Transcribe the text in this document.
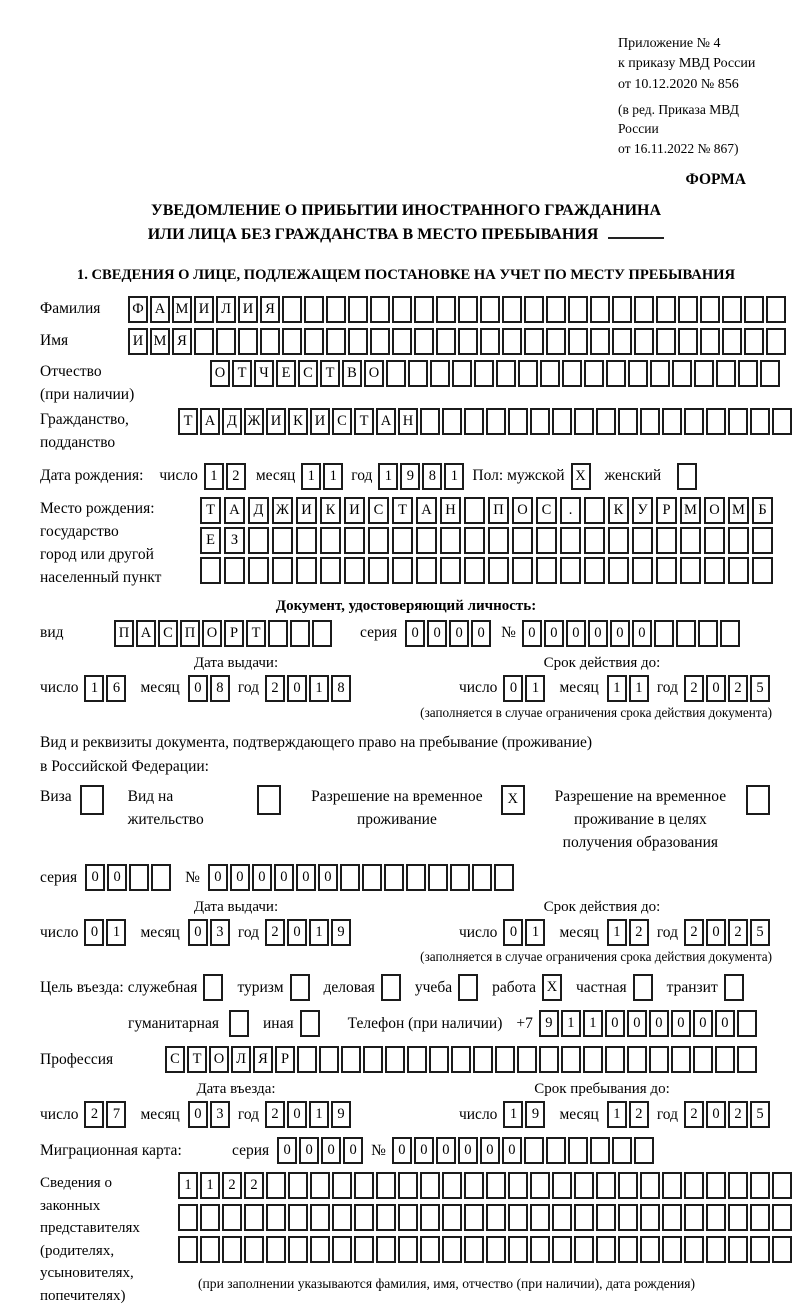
Приложение № 4
к приказу МВД России
от 10.12.2020 № 856
(в ред. Приказа МВД России
от 16.11.2022 № 867)
ФОРМА
УВЕДОМЛЕНИЕ О ПРИБЫТИИ ИНОСТРАННОГО ГРАЖДАНИНА
ИЛИ ЛИЦА БЕЗ ГРАЖДАНСТВА В МЕСТО ПРЕБЫВАНИЯ
1. СВЕДЕНИЯ О ЛИЦЕ, ПОДЛЕЖАЩЕМ ПОСТАНОВКЕ НА УЧЕТ ПО МЕСТУ ПРЕБЫВАНИЯ
Фамилия	Ф А М И Л И Я
Имя	И М Я
Отчество
(при наличии)
О Т Ч Е С Т В О
Гражданство,
подданство
Т А Д Ж И К И С Т А Н
Дата рождения: число 1	2	месяц 1	1 год 1	9	8	1 Пол: мужской X	женский
Место рождения:
государство
город или другой
населенный пункт
Т А Д Ж И К И С	Т А Н	П О С	.	К У	Р М О М Б
Е	З
Документ, удостоверяющий личность:
вид	П А С П О Р Т	серия 0	0	0	0	№ 0	0	0	0	0	0
Дата выдачи:
число 1	6	месяц 0	8 год 2	0	1	8
Срок действия до:
число 0	1	месяц 1	1 год 2	0	2	5
(заполняется в случае ограничения срока действия документа)
Вид и реквизиты документа, подтверждающего право на пребывание (проживание)
в Российской Федерации:
Виза	Вид на жительство
Разрешение на временное проживание
X	Разрешение на временное проживание в целях получения образования
серия 0	0	№ 0	0	0	0	0	0
Дата выдачи:
число 0	1	месяц 0	3 год 2	0	1	9
Срок действия до:
число 0	1	месяц 1	2 год 2	0	2	5
(заполняется в случае ограничения срока действия документа)
Цель въезда: служебная	туризм	деловая	учеба	работа X	частная	транзит
гуманитарная	иная	Телефон (при наличии) +7 9	1	1	0	0	0	0	0	0
Профессия	С Т О Л Я Р
Дата въезда:
число 2	7	месяц 0	3 год 2	0	1	9
Срок пребывания до:
число 1	9	месяц 1	2 год 2	0	2	5
Миграционная карта:	серия 0	0	0	0 № 0	0	0	0	0	0
Сведения о
законных
представителях
(родителях,
усыновителях,
попечителях)
1	1	2	2
(при заполнении указываются фамилия, имя, отчество (при наличии), дата рождения)
